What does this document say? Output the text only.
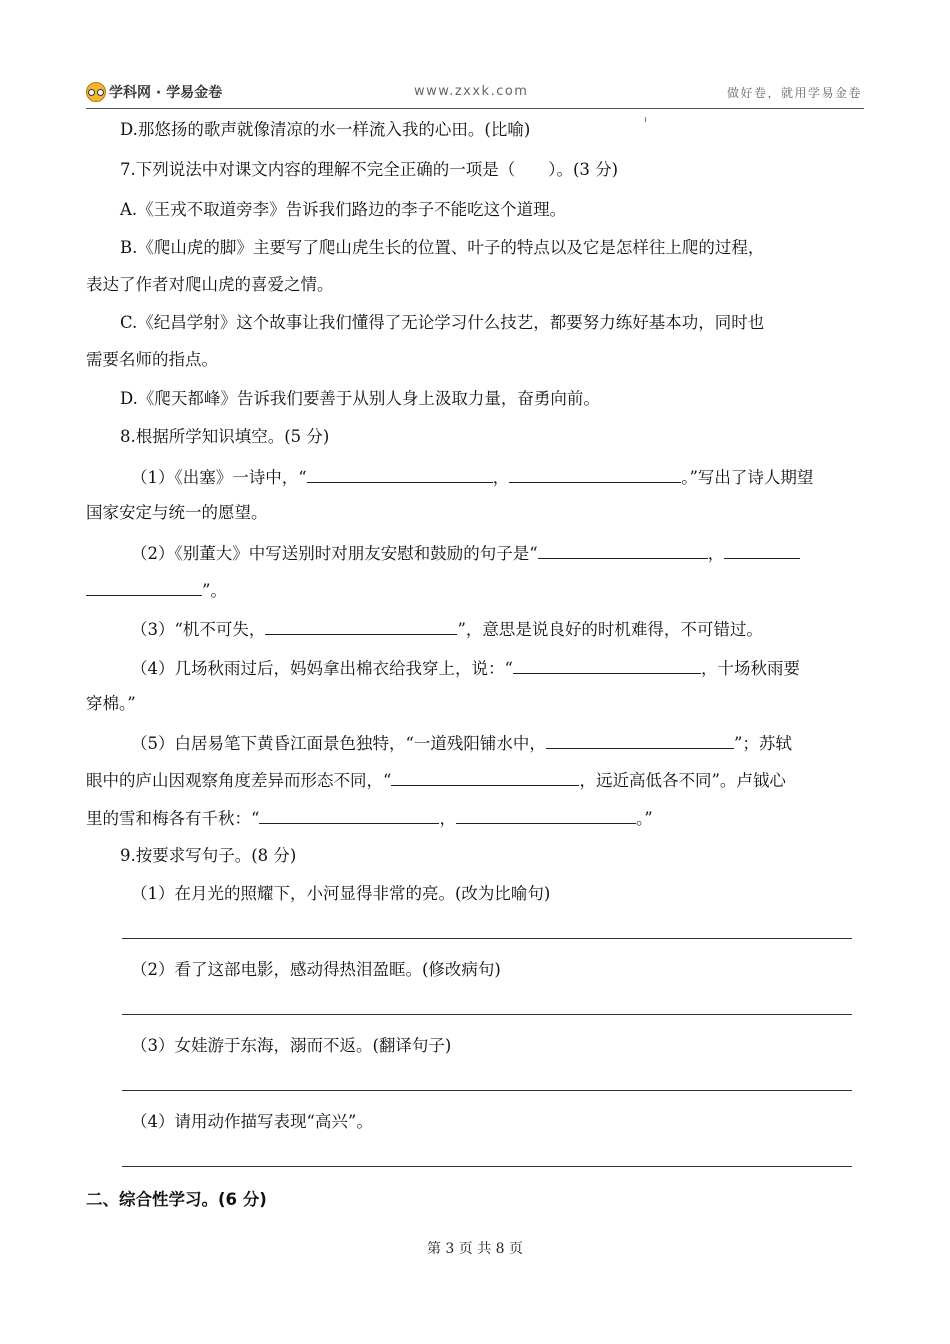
学科网 · 学易金卷	www.zxxk.com	做好卷，就用学易金卷
D.那悠扬的歌声就像清凉的水一样流入我的心田。(比喻)
7.下列说法中对课文内容的理解不完全正确的一项是（　　）。(3 分)
A.《王戎不取道旁李》告诉我们路边的李子不能吃这个道理。
B.《爬山虎的脚》主要写了爬山虎生长的位置、叶子的特点以及它是怎样往上爬的过程，
表达了作者对爬山虎的喜爱之情。
C.《纪昌学射》这个故事让我们懂得了无论学习什么技艺，都要努力练好基本功，同时也
需要名师的指点。
D.《爬天都峰》告诉我们要善于从别人身上汲取力量，奋勇向前。
8.根据所学知识填空。(5 分)
（1）《出塞》一诗中，“	，	。”写出了诗人期望
国家安定与统一的愿望。
（2）《别董大》中写送别时对朋友安慰和鼓励的句子是“	，
”。
（3）“机不可失，	”，意思是说良好的时机难得，不可错过。
（4）几场秋雨过后，妈妈拿出棉衣给我穿上，说：“	，十场秋雨要
穿棉。”
（5）白居易笔下黄昏江面景色独特，“一道残阳铺水中，	”；苏轼
眼中的庐山因观察角度差异而形态不同，“	，远近高低各不同”。卢钺心
里的雪和梅各有千秋：“	，	。”
9.按要求写句子。(8 分)
（1）在月光的照耀下，小河显得非常的亮。(改为比喻句)
（2）看了这部电影，感动得热泪盈眶。(修改病句)
（3）女娃游于东海，溺而不返。(翻译句子)
（4）请用动作描写表现“高兴”。
二、综合性学习。(6 分)
第 3 页 共 8 页
